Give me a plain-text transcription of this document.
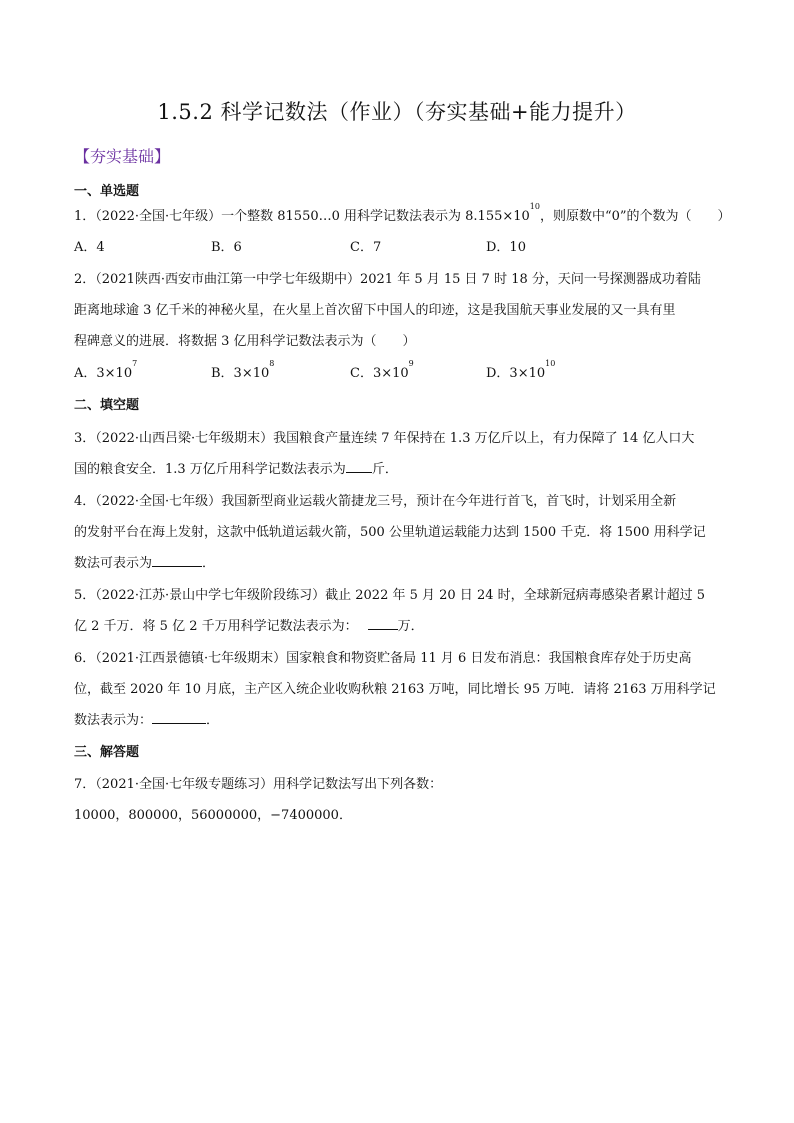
1.5.2 科学记数法（作业）（夯实基础+能力提升）
【夯实基础】
一、单选题
1．（2022·全国·七年级）一个整数 81550…0 用科学记数法表示为 $8.155\times 10^{10}$，则原数中“0”的个数为（　　）
A．4	B．6	C．7	D．10
2．（2021陕西·西安市曲江第一中学七年级期中）2021 年 5 月 15 日 7 时 18 分，天问一号探测器成功着陆
距离地球逾 3 亿千米的神秘火星，在火星上首次留下中国人的印迹，这是我国航天事业发展的又一具有里
程碑意义的进展．将数据 3 亿用科学记数法表示为（　　）
A．$3\times 10^7$
B．$3\times 10^8$
C．$3\times 10^9$
D．$3\times 10^{10}$
二、填空题
3．（2022·山西吕梁·七年级期末）我国粮食产量连续 7 年保持在 1.3 万亿斤以上，有力保障了 14 亿人口大
国的粮食安全．1.3 万亿斤用科学记数法表示为 斤．
4．（2022·全国·七年级）我国新型商业运载火箭捷龙三号，预计在今年进行首飞，首飞时，计划采用全新
的发射平台在海上发射，这款中低轨道运载火箭，500 公里轨道运载能力达到 1500 千克．将 1500 用科学记
数法可表示为	．
5．（2022·江苏·景山中学七年级阶段练习）截止 2022 年 5 月 20 日 24 时，全球新冠病毒感染者累计超过 5
亿 2 千万．将 5 亿 2 千万用科学记数法表示为：	万．
6．（2021·江西景德镇·七年级期末）国家粮食和物资贮备局 11 月 6 日发布消息：我国粮食库存处于历史高
位，截至 2020 年 10 月底，主产区入统企业收购秋粮 2163 万吨，同比增长 95 万吨．请将 2163 万用科学记
数法表示为：	．
三、解答题
7．（2021·全国·七年级专题练习）用科学记数法写出下列各数：
10000，800000，56000000，−7400000．
